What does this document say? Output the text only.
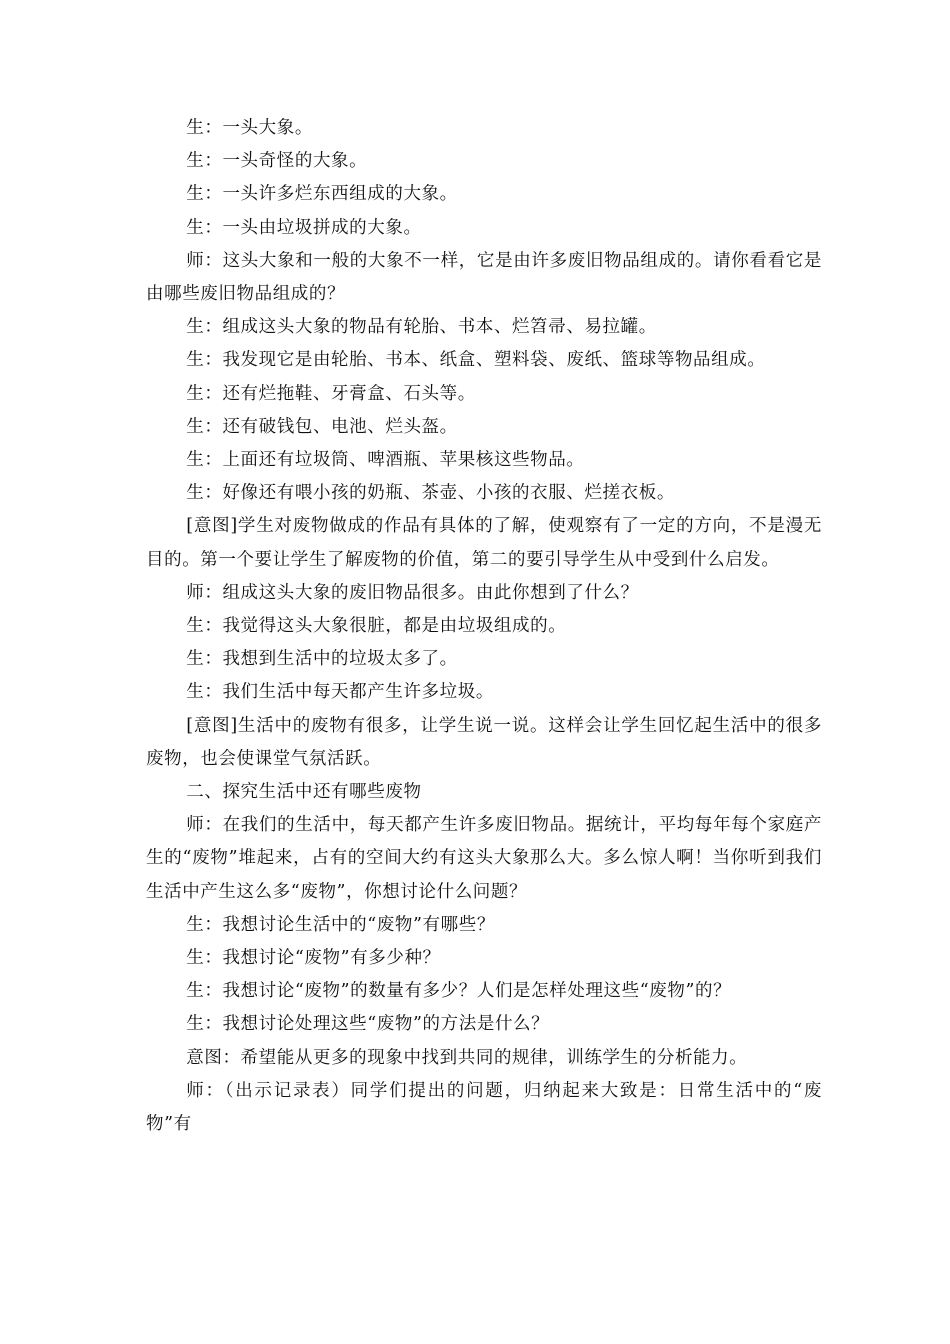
生：一头大象。

生：一头奇怪的大象。

生：一头许多烂东西组成的大象。

生：一头由垃圾拼成的大象。

师：这头大象和一般的大象不一样，它是由许多废旧物品组成的。请你看看它是由哪些废旧物品组成的？

生：组成这头大象的物品有轮胎、书本、烂笤帚、易拉罐。

生：我发现它是由轮胎、书本、纸盒、塑料袋、废纸、篮球等物品组成。

生：还有烂拖鞋、牙膏盒、石头等。

生：还有破钱包、电池、烂头盔。

生：上面还有垃圾筒、啤酒瓶、苹果核这些物品。

生：好像还有喂小孩的奶瓶、茶壶、小孩的衣服、烂搓衣板。

[意图]学生对废物做成的作品有具体的了解，使观察有了一定的方向，不是漫无目的。第一个要让学生了解废物的价值，第二的要引导学生从中受到什么启发。

师：组成这头大象的废旧物品很多。由此你想到了什么？

生：我觉得这头大象很脏，都是由垃圾组成的。

生：我想到生活中的垃圾太多了。

生：我们生活中每天都产生许多垃圾。

[意图]生活中的废物有很多，让学生说一说。这样会让学生回忆起生活中的很多废物，也会使课堂气氛活跃。

二、探究生活中还有哪些废物

师：在我们的生活中，每天都产生许多废旧物品。据统计，平均每年每个家庭产生的“废物”堆起来，占有的空间大约有这头大象那么大。多么惊人啊！当你听到我们生活中产生这么多“废物”，你想讨论什么问题？

生：我想讨论生活中的“废物”有哪些？

生：我想讨论“废物”有多少种？

生：我想讨论“废物”的数量有多少？人们是怎样处理这些“废物”的？

生：我想讨论处理这些“废物”的方法是什么？

意图：希望能从更多的现象中找到共同的规律，训练学生的分析能力。

师：（出示记录表）同学们提出的问题，归纳起来大致是：日常生活中的“废物”有
